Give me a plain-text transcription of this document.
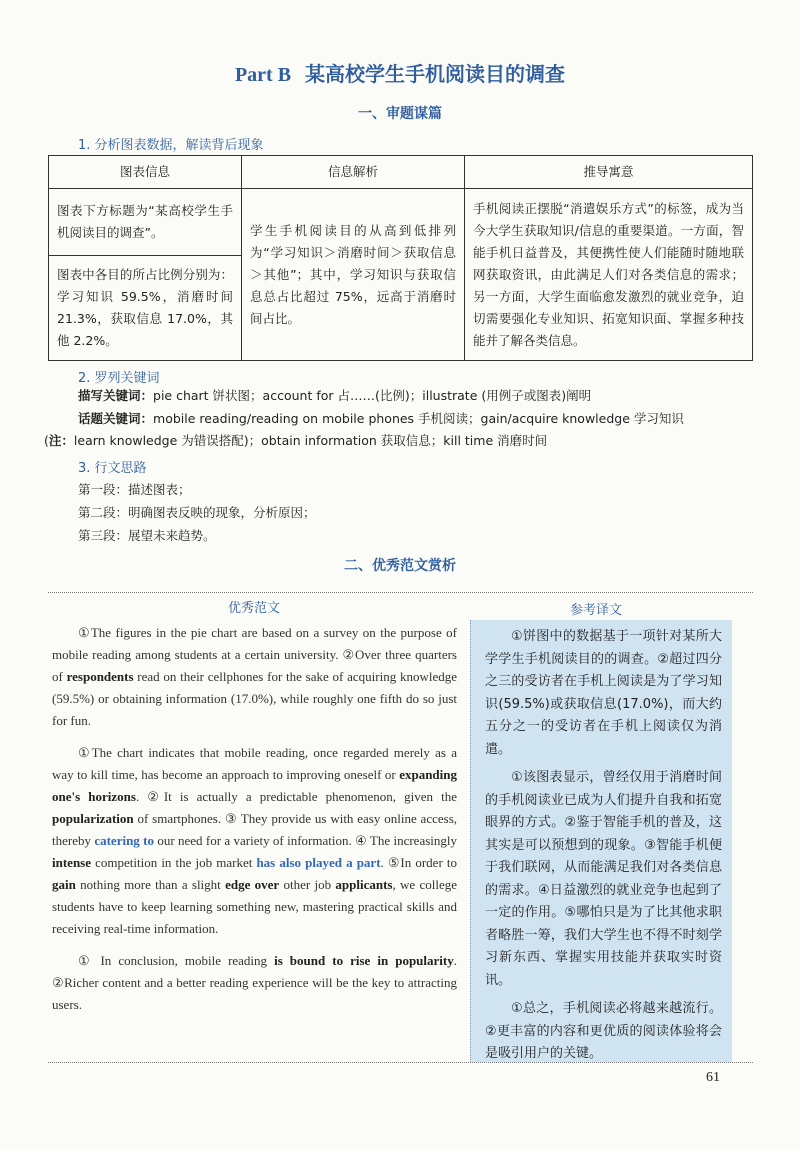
Part B 某高校学生手机阅读目的调查
一、审题谋篇
1. 分析图表数据，解读背后现象
图表信息	信息解析	推导寓意
图表下方标题为“某高校学生手机阅读目的调查”。	学生手机阅读目的从高到低排列为“学习知识＞消磨时间＞获取信息＞其他”；其中，学习知识与获取信息总占比超过 75%，远高于消磨时间占比。	手机阅读正摆脱“消遣娱乐方式”的标签，成为当今大学生获取知识/信息的重要渠道。一方面，智能手机日益普及，其便携性使人们能随时随地联网获取资讯，由此满足人们对各类信息的需求；另一方面，大学生面临愈发激烈的就业竞争，迫切需要强化专业知识、拓宽知识面、掌握多种技能并了解各类信息。
图表中各目的所占比例分别为：学习知识 59.5%，消磨时间 21.3%，获取信息 17.0%，其他 2.2%。		
2. 罗列关键词
描写关键词：pie chart 饼状图；account for 占……(比例)；illustrate (用例子或图表)阐明
话题关键词：mobile reading/reading on mobile phones 手机阅读；gain/acquire knowledge 学习知识
(注：learn knowledge 为错误搭配)；obtain information 获取信息；kill time 消磨时间
3. 行文思路
第一段：描述图表；
第二段：明确图表反映的现象，分析原因；
第三段：展望未来趋势。
二、优秀范文赏析
优秀范文	参考译文

①The figures in the pie chart are based on a survey on the purpose of mobile reading among students at a certain university. ②Over three quarters of respondents read on their cellphones for the sake of acquiring knowledge (59.5%) or obtaining information (17.0%), while roughly one fifth do so just for fun.

①The chart indicates that mobile reading, once regarded merely as a way to kill time, has become an approach to improving oneself or expanding one's horizons. ②It is actually a predictable phenomenon, given the popularization of smartphones. ③ They provide us with easy online access, thereby catering to our need for a variety of information. ④ The increasingly intense competition in the job market has also played a part. ⑤In order to gain nothing more than a slight edge over other job applicants, we college students have to keep learning something new, mastering practical skills and receiving real-time information.

① In conclusion, mobile reading is bound to rise in popularity. ②Richer content and a better reading experience will be the key to attracting users.

①饼图中的数据基于一项针对某所大学学生手机阅读目的的调查。②超过四分之三的受访者在手机上阅读是为了学习知识(59.5%)或获取信息(17.0%)，而大约五分之一的受访者在手机上阅读仅为消遣。

①该图表显示，曾经仅用于消磨时间的手机阅读业已成为人们提升自我和拓宽眼界的方式。②鉴于智能手机的普及，这其实是可以预想到的现象。③智能手机便于我们联网，从而能满足我们对各类信息的需求。④日益激烈的就业竞争也起到了一定的作用。⑤哪怕只是为了比其他求职者略胜一筹，我们大学生也不得不时刻学习新东西、掌握实用技能并获取实时资讯。

①总之，手机阅读必将越来越流行。②更丰富的内容和更优质的阅读体验将会是吸引用户的关键。

61
